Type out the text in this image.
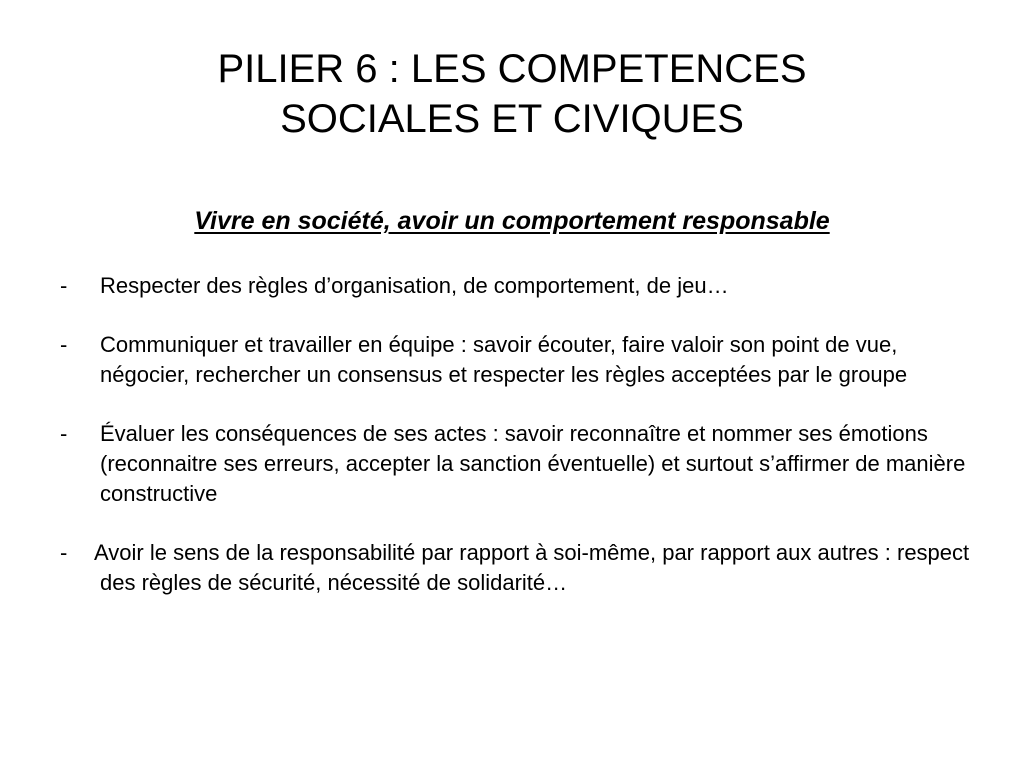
PILIER 6 : LES COMPETENCES
SOCIALES ET CIVIQUES
Vivre en société, avoir un comportement responsable
- Respecter des règles d’organisation, de comportement, de jeu…
- Communiquer et travailler en équipe : savoir écouter, faire valoir son point de vue, négocier, rechercher un consensus et respecter les règles acceptées par le groupe
- Évaluer les conséquences de ses actes : savoir reconnaître et nommer ses émotions (reconnaitre ses erreurs, accepter la sanction éventuelle) et surtout s’affirmer de manière constructive
- Avoir le sens de la responsabilité par rapport à soi-même, par rapport aux autres : respect des règles de sécurité, nécessité de solidarité…
